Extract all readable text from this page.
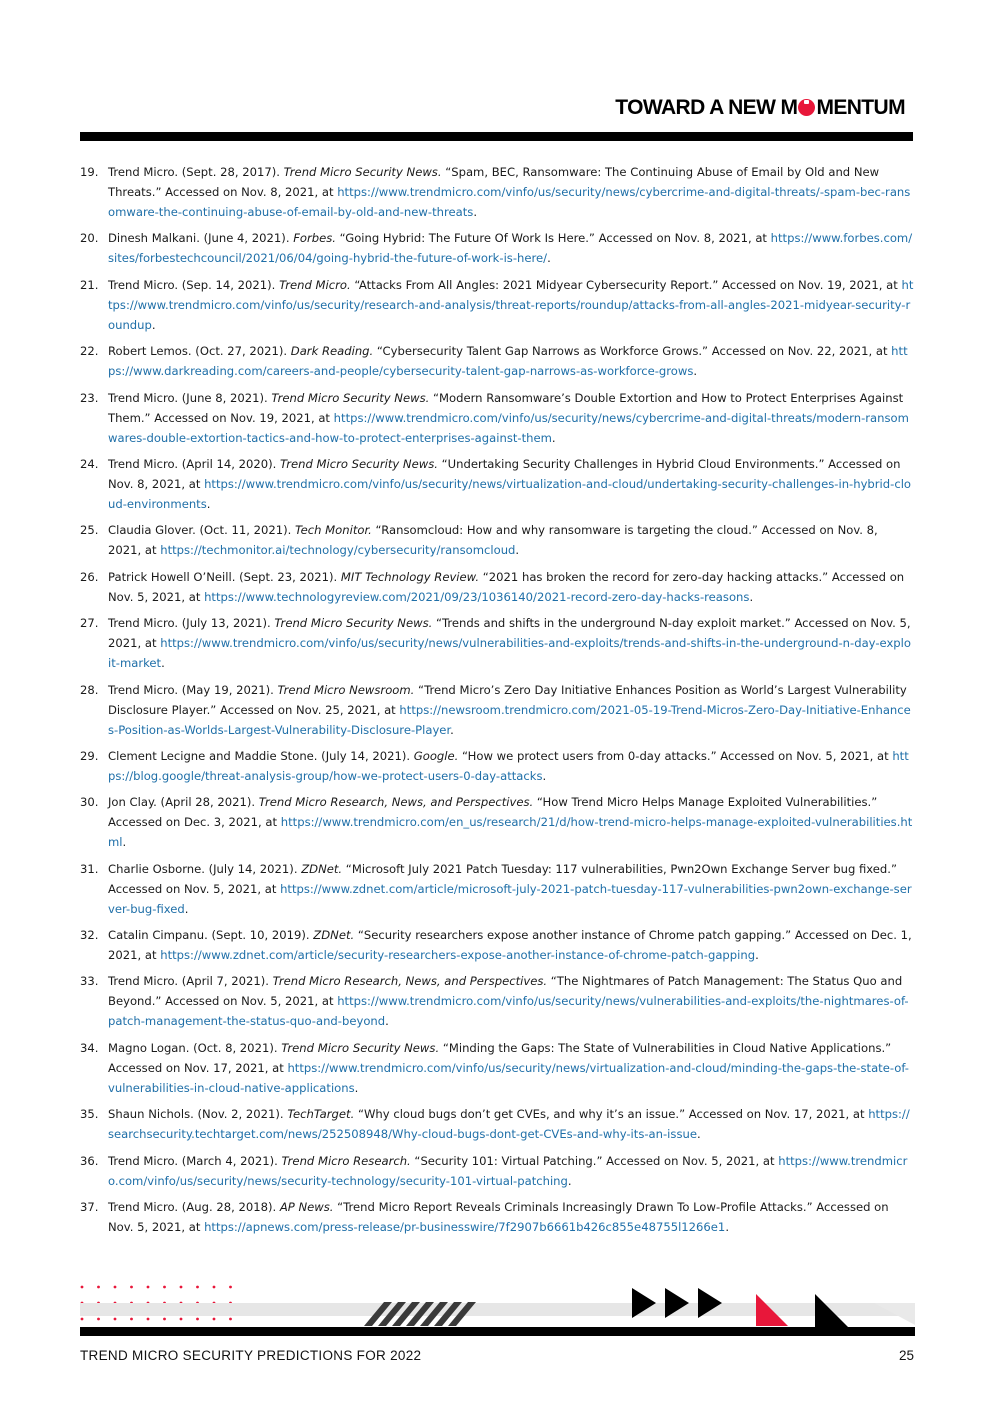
TOWARD A NEW M MENTUM
19. Trend Micro. (Sept. 28, 2017). Trend Micro Security News. “Spam, BEC, Ransomware: The Continuing Abuse of Email by Old and New Threats.” Accessed on Nov. 8, 2021, at https://www.trendmicro.com/vinfo/us/security/news/cybercrime-and-digital-threats/-spam-bec-ransomware-the-continuing-abuse-of-email-by-old-and-new-threats.
20. Dinesh Malkani. (June 4, 2021). Forbes. “Going Hybrid: The Future Of Work Is Here.” Accessed on Nov. 8, 2021, at https://www.forbes.com/sites/forbestechcouncil/2021/06/04/going-hybrid-the-future-of-work-is-here/.
21. Trend Micro. (Sep. 14, 2021). Trend Micro. “Attacks From All Angles: 2021 Midyear Cybersecurity Report.” Accessed on Nov. 19, 2021, at https://www.trendmicro.com/vinfo/us/security/research-and-analysis/threat-reports/roundup/attacks-from-all-angles-2021-midyear-security-roundup.
22. Robert Lemos. (Oct. 27, 2021). Dark Reading. “Cybersecurity Talent Gap Narrows as Workforce Grows.” Accessed on Nov. 22, 2021, at https://www.darkreading.com/careers-and-people/cybersecurity-talent-gap-narrows-as-workforce-grows.
23. Trend Micro. (June 8, 2021). Trend Micro Security News. “Modern Ransomware’s Double Extortion and How to Protect Enterprises Against Them.” Accessed on Nov. 19, 2021, at https://www.trendmicro.com/vinfo/us/security/news/cybercrime-and-digital-threats/modern-ransomwares-double-extortion-tactics-and-how-to-protect-enterprises-against-them.
24. Trend Micro. (April 14, 2020). Trend Micro Security News. “Undertaking Security Challenges in Hybrid Cloud Environments.” Accessed on Nov. 8, 2021, at https://www.trendmicro.com/vinfo/us/security/news/virtualization-and-cloud/undertaking-security-challenges-in-hybrid-cloud-environments.
25. Claudia Glover. (Oct. 11, 2021). Tech Monitor. “Ransomcloud: How and why ransomware is targeting the cloud.” Accessed on Nov. 8, 2021, at https://techmonitor.ai/technology/cybersecurity/ransomcloud.
26. Patrick Howell O’Neill. (Sept. 23, 2021). MIT Technology Review. “2021 has broken the record for zero-day hacking attacks.” Accessed on Nov. 5, 2021, at https://www.technologyreview.com/2021/09/23/1036140/2021-record-zero-day-hacks-reasons.
27. Trend Micro. (July 13, 2021). Trend Micro Security News. “Trends and shifts in the underground N-day exploit market.” Accessed on Nov. 5, 2021, at https://www.trendmicro.com/vinfo/us/security/news/vulnerabilities-and-exploits/trends-and-shifts-in-the-underground-n-day-exploit-market.
28. Trend Micro. (May 19, 2021). Trend Micro Newsroom. “Trend Micro’s Zero Day Initiative Enhances Position as World’s Largest Vulnerability Disclosure Player.” Accessed on Nov. 25, 2021, at https://newsroom.trendmicro.com/2021-05-19-Trend-Micros-Zero-Day-Initiative-Enhances-Position-as-Worlds-Largest-Vulnerability-Disclosure-Player.
29. Clement Lecigne and Maddie Stone. (July 14, 2021). Google. “How we protect users from 0-day attacks.” Accessed on Nov. 5, 2021, at https://blog.google/threat-analysis-group/how-we-protect-users-0-day-attacks.
30. Jon Clay. (April 28, 2021). Trend Micro Research, News, and Perspectives. “How Trend Micro Helps Manage Exploited Vulnerabilities.” Accessed on Dec. 3, 2021, at https://www.trendmicro.com/en_us/research/21/d/how-trend-micro-helps-manage-exploited-vulnerabilities.html.
31. Charlie Osborne. (July 14, 2021). ZDNet. “Microsoft July 2021 Patch Tuesday: 117 vulnerabilities, Pwn2Own Exchange Server bug fixed.” Accessed on Nov. 5, 2021, at https://www.zdnet.com/article/microsoft-july-2021-patch-tuesday-117-vulnerabilities-pwn2own-exchange-server-bug-fixed.
32. Catalin Cimpanu. (Sept. 10, 2019). ZDNet. “Security researchers expose another instance of Chrome patch gapping.” Accessed on Dec. 1, 2021, at https://www.zdnet.com/article/security-researchers-expose-another-instance-of-chrome-patch-gapping.
33. Trend Micro. (April 7, 2021). Trend Micro Research, News, and Perspectives. “The Nightmares of Patch Management: The Status Quo and Beyond.” Accessed on Nov. 5, 2021, at https://www.trendmicro.com/vinfo/us/security/news/vulnerabilities-and-exploits/the-nightmares-of-patch-management-the-status-quo-and-beyond.
34. Magno Logan. (Oct. 8, 2021). Trend Micro Security News. “Minding the Gaps: The State of Vulnerabilities in Cloud Native Applications.” Accessed on Nov. 17, 2021, at https://www.trendmicro.com/vinfo/us/security/news/virtualization-and-cloud/minding-the-gaps-the-state-of-vulnerabilities-in-cloud-native-applications.
35. Shaun Nichols. (Nov. 2, 2021). TechTarget. “Why cloud bugs don’t get CVEs, and why it’s an issue.” Accessed on Nov. 17, 2021, at https://searchsecurity.techtarget.com/news/252508948/Why-cloud-bugs-dont-get-CVEs-and-why-its-an-issue.
36. Trend Micro. (March 4, 2021). Trend Micro Research. “Security 101: Virtual Patching.” Accessed on Nov. 5, 2021, at https://www.trendmicro.com/vinfo/us/security/news/security-technology/security-101-virtual-patching.
37. Trend Micro. (Aug. 28, 2018). AP News. “Trend Micro Report Reveals Criminals Increasingly Drawn To Low-Profile Attacks.” Accessed on Nov. 5, 2021, at https://apnews.com/press-release/pr-businesswire/7f2907b6661b426c855e48755l1266e1.
TREND MICRO SECURITY PREDICTIONS FOR 2022	25
